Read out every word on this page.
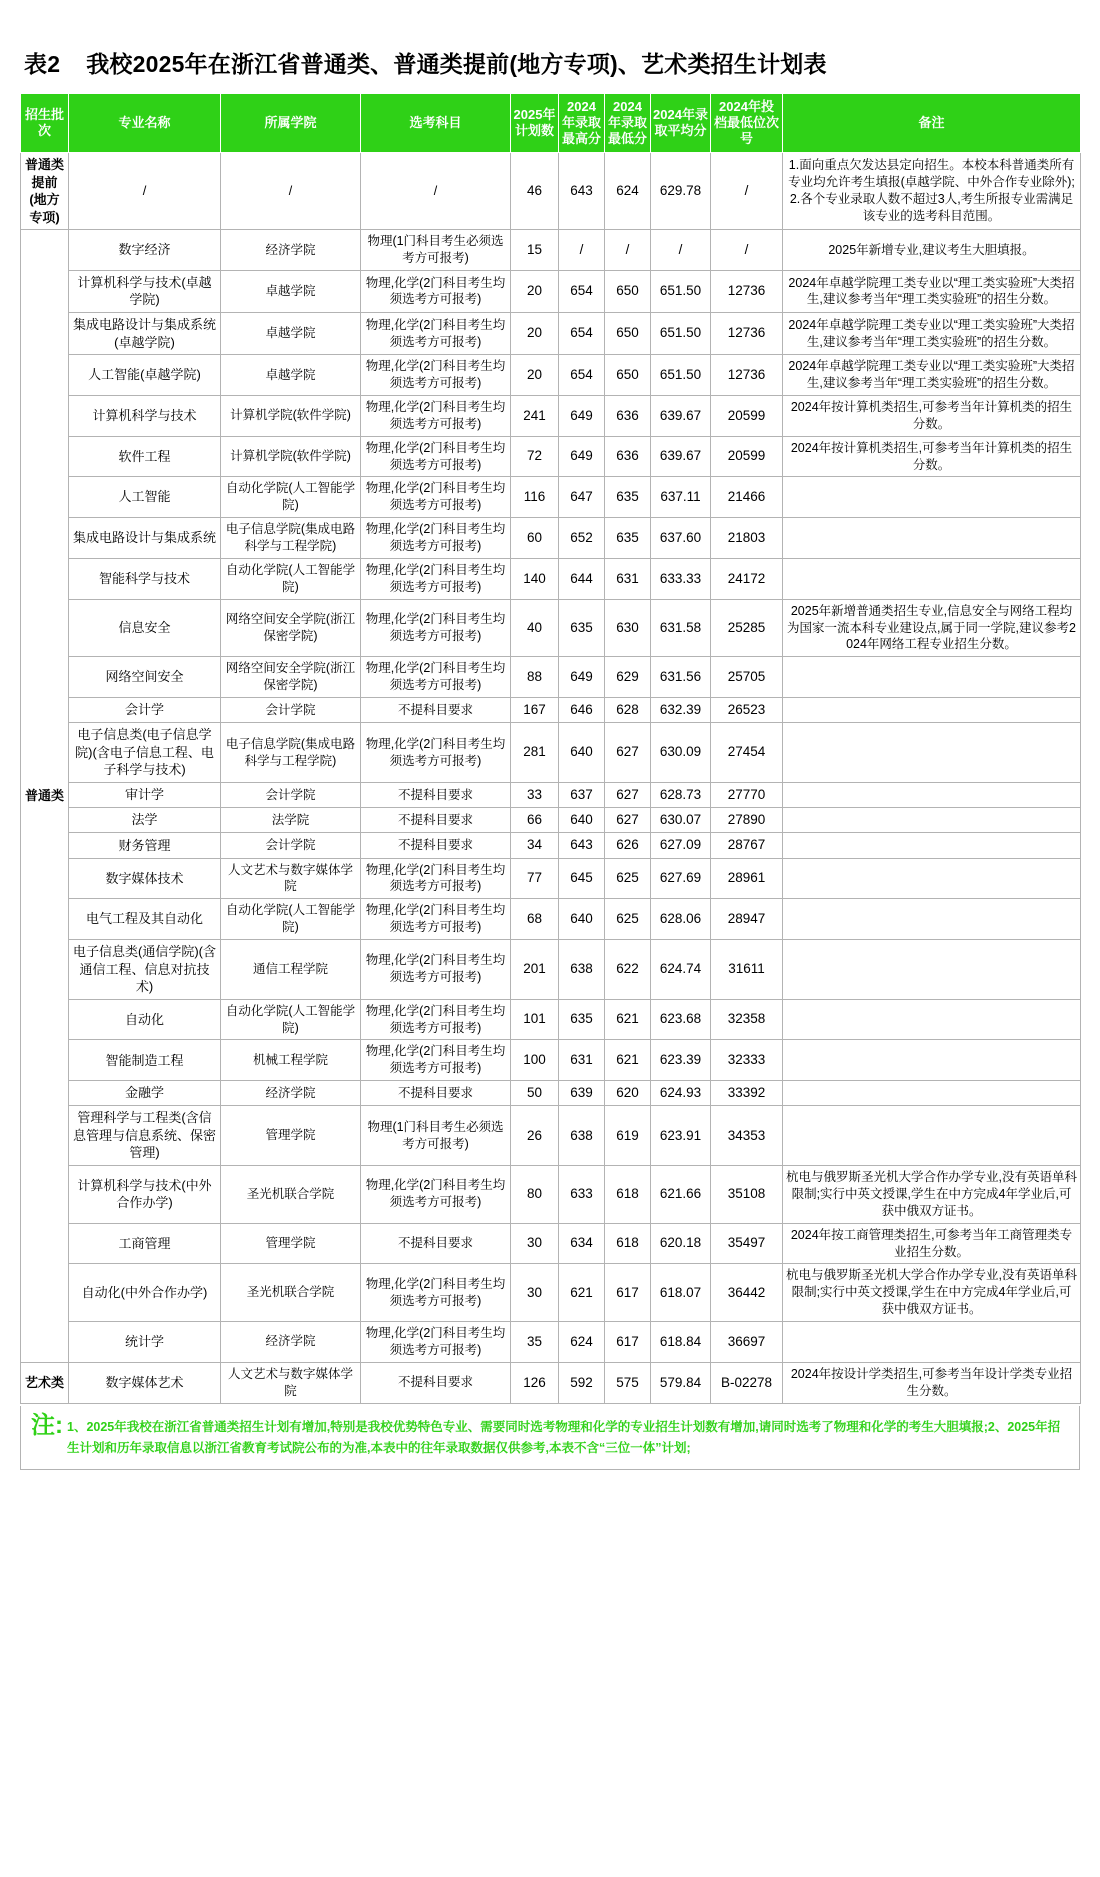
表2 我校2025年在浙江省普通类、普通类提前(地方专项)、艺术类招生计划表
招生批次	专业名称	所属学院	选考科目	2025年计划数	2024年录取最高分	2024年录取最低分	2024年录取平均分	2024年投档最低位次号	备注
普通类提前(地方专项)	/	/	/	46	643	624	629.78	/	1.面向重点欠发达县定向招生。本校本科普通类所有专业均允许考生填报(卓越学院、中外合作专业除外);2.各个专业录取人数不超过3人,考生所报专业需满足该专业的选考科目范围。
普通类	数字经济	经济学院	物理(1门科目考生必须选考方可报考)	15	/	/	/	/	2025年新增专业,建议考生大胆填报。
	计算机科学与技术(卓越学院)	卓越学院	物理,化学(2门科目考生均须选考方可报考)	20	654	650	651.50	12736	2024年卓越学院理工类专业以“理工类实验班”大类招生,建议参考当年“理工类实验班”的招生分数。
	集成电路设计与集成系统(卓越学院)	卓越学院	物理,化学(2门科目考生均须选考方可报考)	20	654	650	651.50	12736	2024年卓越学院理工类专业以“理工类实验班”大类招生,建议参考当年“理工类实验班”的招生分数。
	人工智能(卓越学院)	卓越学院	物理,化学(2门科目考生均须选考方可报考)	20	654	650	651.50	12736	2024年卓越学院理工类专业以“理工类实验班”大类招生,建议参考当年“理工类实验班”的招生分数。
	计算机科学与技术	计算机学院(软件学院)	物理,化学(2门科目考生均须选考方可报考)	241	649	636	639.67	20599	2024年按计算机类招生,可参考当年计算机类的招生分数。
	软件工程	计算机学院(软件学院)	物理,化学(2门科目考生均须选考方可报考)	72	649	636	639.67	20599	2024年按计算机类招生,可参考当年计算机类的招生分数。
	人工智能	自动化学院(人工智能学院)	物理,化学(2门科目考生均须选考方可报考)	116	647	635	637.11	21466	
	集成电路设计与集成系统	电子信息学院(集成电路科学与工程学院)	物理,化学(2门科目考生均须选考方可报考)	60	652	635	637.60	21803	
	智能科学与技术	自动化学院(人工智能学院)	物理,化学(2门科目考生均须选考方可报考)	140	644	631	633.33	24172	
	信息安全	网络空间安全学院(浙江保密学院)	物理,化学(2门科目考生均须选考方可报考)	40	635	630	631.58	25285	2025年新增普通类招生专业,信息安全与网络工程均为国家一流本科专业建设点,属于同一学院,建议参考2024年网络工程专业招生分数。
	网络空间安全	网络空间安全学院(浙江保密学院)	物理,化学(2门科目考生均须选考方可报考)	88	649	629	631.56	25705	
	会计学	会计学院	不提科目要求	167	646	628	632.39	26523	
	电子信息类(电子信息学院)(含电子信息工程、电子科学与技术)	电子信息学院(集成电路科学与工程学院)	物理,化学(2门科目考生均须选考方可报考)	281	640	627	630.09	27454	
	审计学	会计学院	不提科目要求	33	637	627	628.73	27770	
	法学	法学院	不提科目要求	66	640	627	630.07	27890	
	财务管理	会计学院	不提科目要求	34	643	626	627.09	28767	
	数字媒体技术	人文艺术与数字媒体学院	物理,化学(2门科目考生均须选考方可报考)	77	645	625	627.69	28961	
	电气工程及其自动化	自动化学院(人工智能学院)	物理,化学(2门科目考生均须选考方可报考)	68	640	625	628.06	28947	
	电子信息类(通信学院)(含通信工程、信息对抗技术)	通信工程学院	物理,化学(2门科目考生均须选考方可报考)	201	638	622	624.74	31611	
	自动化	自动化学院(人工智能学院)	物理,化学(2门科目考生均须选考方可报考)	101	635	621	623.68	32358	
	智能制造工程	机械工程学院	物理,化学(2门科目考生均须选考方可报考)	100	631	621	623.39	32333	
	金融学	经济学院	不提科目要求	50	639	620	624.93	33392	
	管理科学与工程类(含信息管理与信息系统、保密管理)	管理学院	物理(1门科目考生必须选考方可报考)	26	638	619	623.91	34353	
	计算机科学与技术(中外合作办学)	圣光机联合学院	物理,化学(2门科目考生均须选考方可报考)	80	633	618	621.66	35108	杭电与俄罗斯圣光机大学合作办学专业,没有英语单科限制;实行中英文授课,学生在中方完成4年学业后,可获中俄双方证书。
	工商管理	管理学院	不提科目要求	30	634	618	620.18	35497	2024年按工商管理类招生,可参考当年工商管理类专业招生分数。
	自动化(中外合作办学)	圣光机联合学院	物理,化学(2门科目考生均须选考方可报考)	30	621	617	618.07	36442	杭电与俄罗斯圣光机大学合作办学专业,没有英语单科限制;实行中英文授课,学生在中方完成4年学业后,可获中俄双方证书。
	统计学	经济学院	物理,化学(2门科目考生均须选考方可报考)	35	624	617	618.84	36697	
艺术类	数字媒体艺术	人文艺术与数字媒体学院	不提科目要求	126	592	575	579.84	B-02278	2024年按设计学类招生,可参考当年设计学类专业招生分数。
注: 1、2025年我校在浙江省普通类招生计划有增加,特别是我校优势特色专业、需要同时选考物理和化学的专业招生计划数有增加,请同时选考了物理和化学的考生大胆填报;2、2025年招生计划和历年录取信息以浙江省教育考试院公布的为准,本表中的往年录取数据仅供参考,本表不含“三位一体”计划;
